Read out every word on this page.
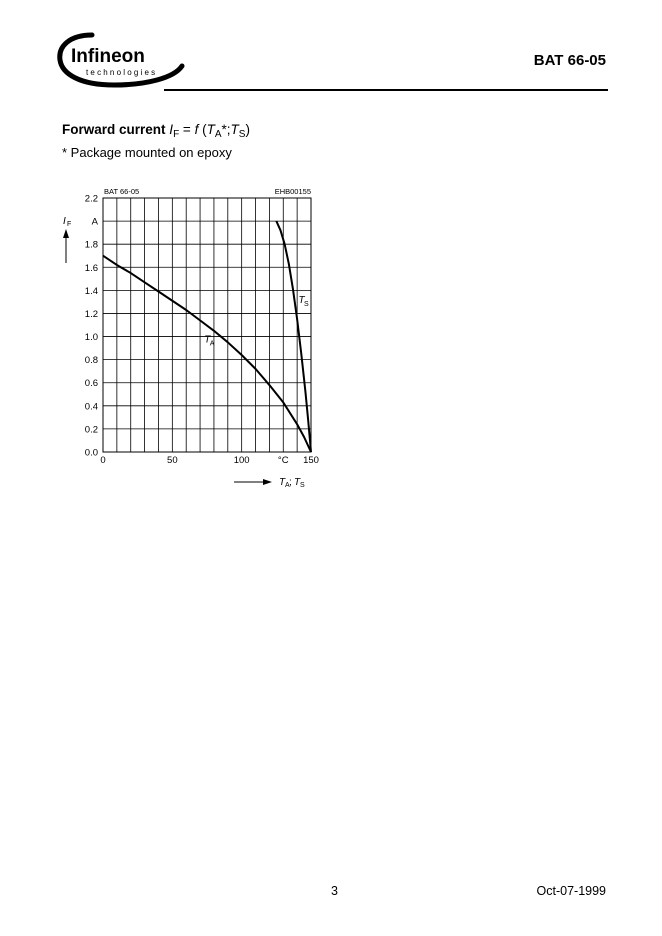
Infineon
technologies
BAT 66-05
Forward current $I_F = f$ $(T_A*;T_S)$
* Package mounted on epoxy
BAT 66-05	EHB00155
I F
T A ; T S
0.0
0.2
0.4
0.6
0.8
1.0
1.2
1.4
1.6
1.8
2.2
A
0	50	100	150
°C
T A
T S
3	Oct-07-1999
